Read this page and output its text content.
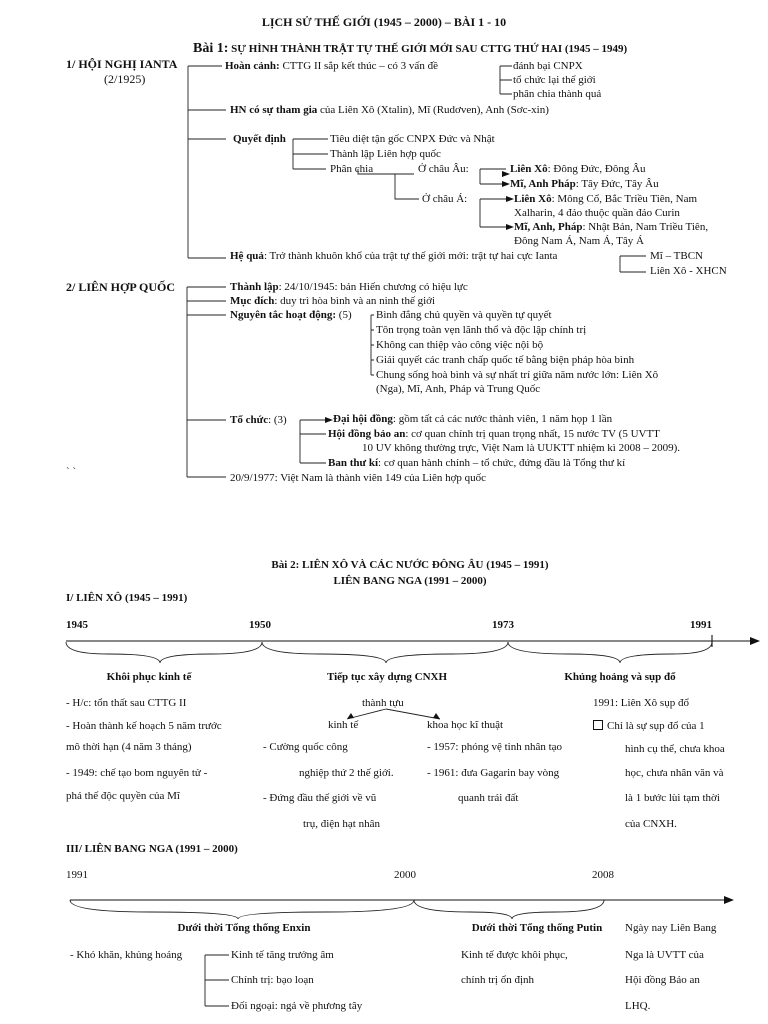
LỊCH SỬ THẾ GIỚI (1945 – 2000) – BÀI 1 - 10
Bài 1: SỰ HÌNH THÀNH TRẬT TỰ THẾ GIỚI MỚI SAU CTTG THỨ HAI (1945 – 1949)
1/ HỘI NGHỊ IANTA
(2/1925)
Hoàn cảnh: CTTG II sắp kết thúc – có 3 vấn đề	đánh bại CNPX
tổ chức lại thế giới
phân chia thành quả
HN có sự tham gia của Liên Xô (Xtalin), Mĩ (Rudơven), Anh (Sơc-xin)
Quyết định	Tiêu diệt tận gốc CNPX Đức và Nhật
Thành lập Liên hợp quốc
Phân chia	Ở châu Âu:	Liên Xô: Đông Đức, Đông Âu
Mĩ, Anh Pháp: Tây Đức, Tây Âu
Ở châu Á:	Liên Xô: Mông Cổ, Bắc Triều Tiên, Nam
Xalharin, 4 đảo thuộc quần đảo Curin
Mĩ, Anh, Pháp: Nhật Bản, Nam Triều Tiên,
Đông Nam Á, Nam Á, Tây Á
Hệ quả: Trở thành khuôn khổ của trật tự thế giới mới: trật tự hai cực Ianta	Mĩ – TBCN
Liên Xô - XHCN
2/ LIÊN HỢP QUỐC	Thành lập: 24/10/1945: bản Hiến chương có hiệu lực
Mục đích: duy trì hòa bình và an ninh thế giới
Nguyên tắc hoạt động: (5) Bình đẳng chủ quyền và quyền tự quyết
Tôn trọng toàn vẹn lãnh thổ và độc lập chính trị
Không can thiệp vào công việc nội bộ
Giải quyết các tranh chấp quốc tế bằng biện pháp hòa bình
Chung sống hoà bình và sự nhất trí giữa năm nước lớn: Liên Xô
(Nga), Mĩ, Anh, Pháp và Trung Quốc
Tổ chức: (3)	Đại hội đồng: gồm tất cả các nước thành viên, 1 năm họp 1 lần
Hội đồng bảo an: cơ quan chính trị quan trọng nhất, 15 nước TV (5 UVTT
10 UV không thường trực, Việt Nam là UUKTT nhiệm kì 2008 – 2009).
Ban thư kí: cơ quan hành chính – tổ chức, đứng đầu là Tổng thư kí
` `	20/9/1977: Việt Nam là thành viên 149 của Liên hợp quốc
Bài 2: LIÊN XÔ VÀ CÁC NƯỚC ĐÔNG ÂU (1945 – 1991)
LIÊN BANG NGA (1991 – 2000)
I/ LIÊN XÔ (1945 – 1991)
1945	1950	1973	1991
Khôi phục kinh tế	Tiếp tục xây dựng CNXH	Khủng hoảng và sụp đổ
- H/c: tổn thất sau CTTG II
- Hoàn thành kế hoạch 5 năm trước
mô thời hạn (4 năm 3 tháng)
- 1949: chế tạo bom nguyên tử -
phá thế độc quyền của Mĩ
thành tựu
kinh tế	khoa học kĩ thuật
- Cường quốc công
nghiệp thứ 2 thế giới.
- Đứng đầu thế giới về vũ
trụ, điện hạt nhân
- 1957: phóng vệ tinh nhân tạo
- 1961: đưa Gagarin bay vòng
quanh trái đất
1991: Liên Xô sụp đổ
Chỉ là sự sụp đổ của 1
hình cụ thể, chưa khoa
học, chưa nhân văn và
là 1 bước lùi tạm thời
của CNXH.
III/ LIÊN BANG NGA (1991 – 2000)
1991	2000	2008
Dưới thời Tổng thống Enxin	Dưới thời Tổng thống Putin
- Khó khăn, khủng hoảng	Kinh tế tăng trưởng âm
Chính trị: bạo loạn
Đối ngoại: ngả về phương tây
Kinh tế được khôi phục,
chính trị ổn định
Ngày nay Liên Bang
Nga là UVTT của
Hội đồng Bảo an
LHQ.
